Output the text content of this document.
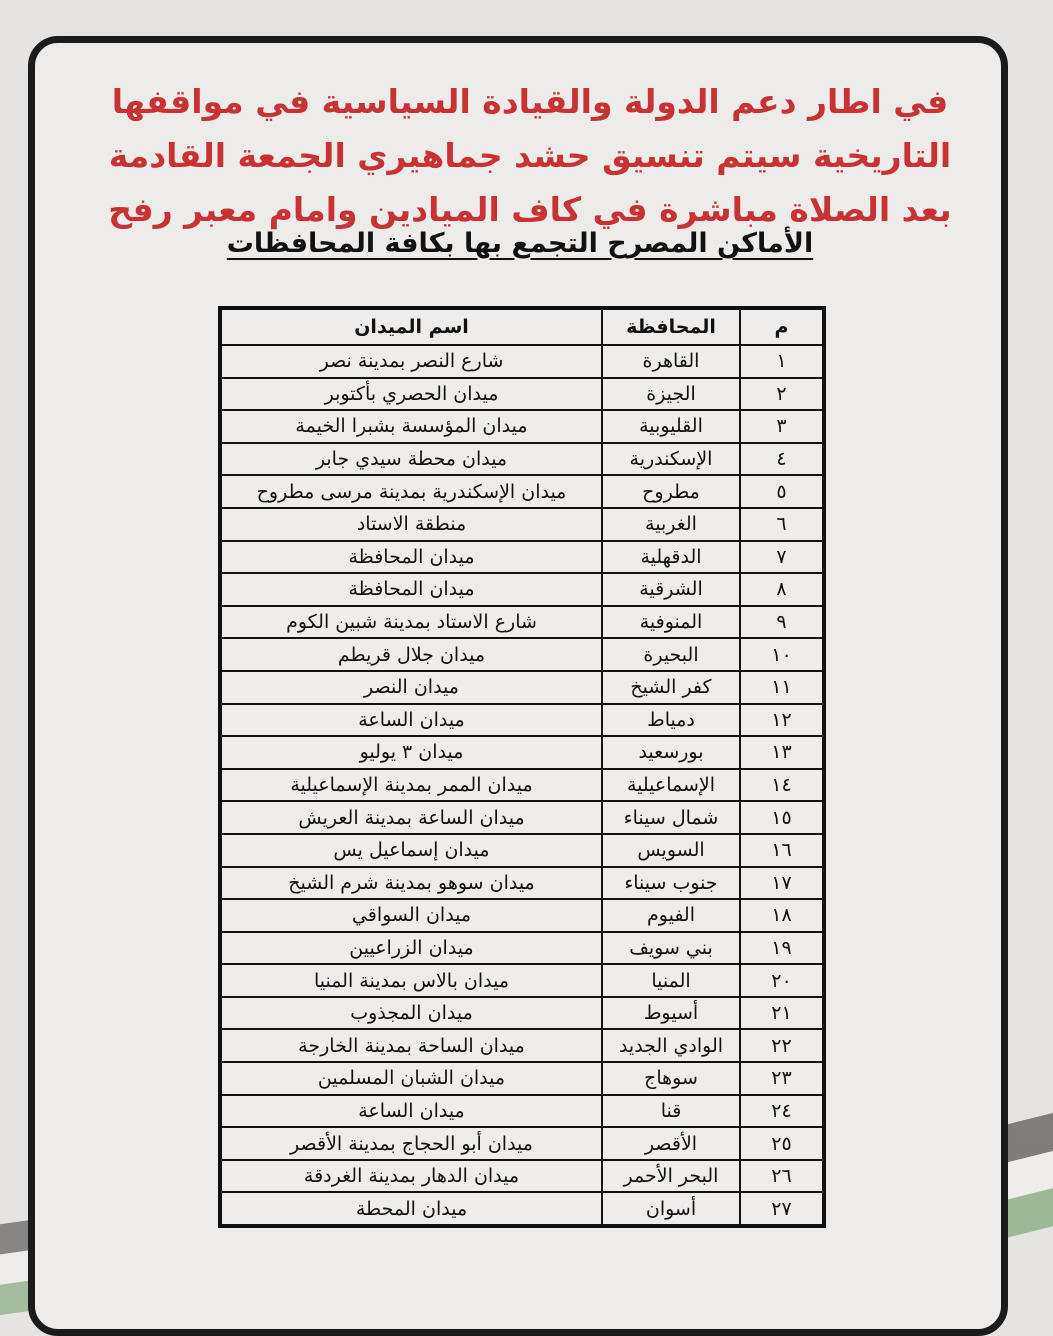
في اطار دعم الدولة والقيادة السياسية في مواقفها
التاريخية سيتم تنسيق حشد جماهيري الجمعة القادمة
بعد الصلاة مباشرة في كاف الميادين وامام معبر رفح
الأماكن المصرح التجمع بها بكافة المحافظات
م	المحافظة	اسم الميدان
١	القاهرة	شارع النصر بمدينة نصر
٢	الجيزة	ميدان الحصري بأكتوبر
٣	القليوبية	ميدان المؤسسة بشبرا الخيمة
٤	الإسكندرية	ميدان محطة سيدي جابر
٥	مطروح	ميدان الإسكندرية بمدينة مرسى مطروح
٦	الغربية	منطقة الاستاد
٧	الدقهلية	ميدان المحافظة
٨	الشرقية	ميدان المحافظة
٩	المنوفية	شارع الاستاد بمدينة شبين الكوم
١٠	البحيرة	ميدان جلال قريطم
١١	كفر الشيخ	ميدان النصر
١٢	دمياط	ميدان الساعة
١٣	بورسعيد	ميدان ٣ يوليو
١٤	الإسماعيلية	ميدان الممر بمدينة الإسماعيلية
١٥	شمال سيناء	ميدان الساعة بمدينة العريش
١٦	السويس	ميدان إسماعيل يس
١٧	جنوب سيناء	ميدان سوهو بمدينة شرم الشيخ
١٨	الفيوم	ميدان السواقي
١٩	بني سويف	ميدان الزراعيين
٢٠	المنيا	ميدان بالاس بمدينة المنيا
٢١	أسيوط	ميدان المجذوب
٢٢	الوادي الجديد	ميدان الساحة بمدينة الخارجة
٢٣	سوهاج	ميدان الشبان المسلمين
٢٤	قنا	ميدان الساعة
٢٥	الأقصر	ميدان أبو الحجاج بمدينة الأقصر
٢٦	البحر الأحمر	ميدان الدهار بمدينة الغردقة
٢٧	أسوان	ميدان المحطة
